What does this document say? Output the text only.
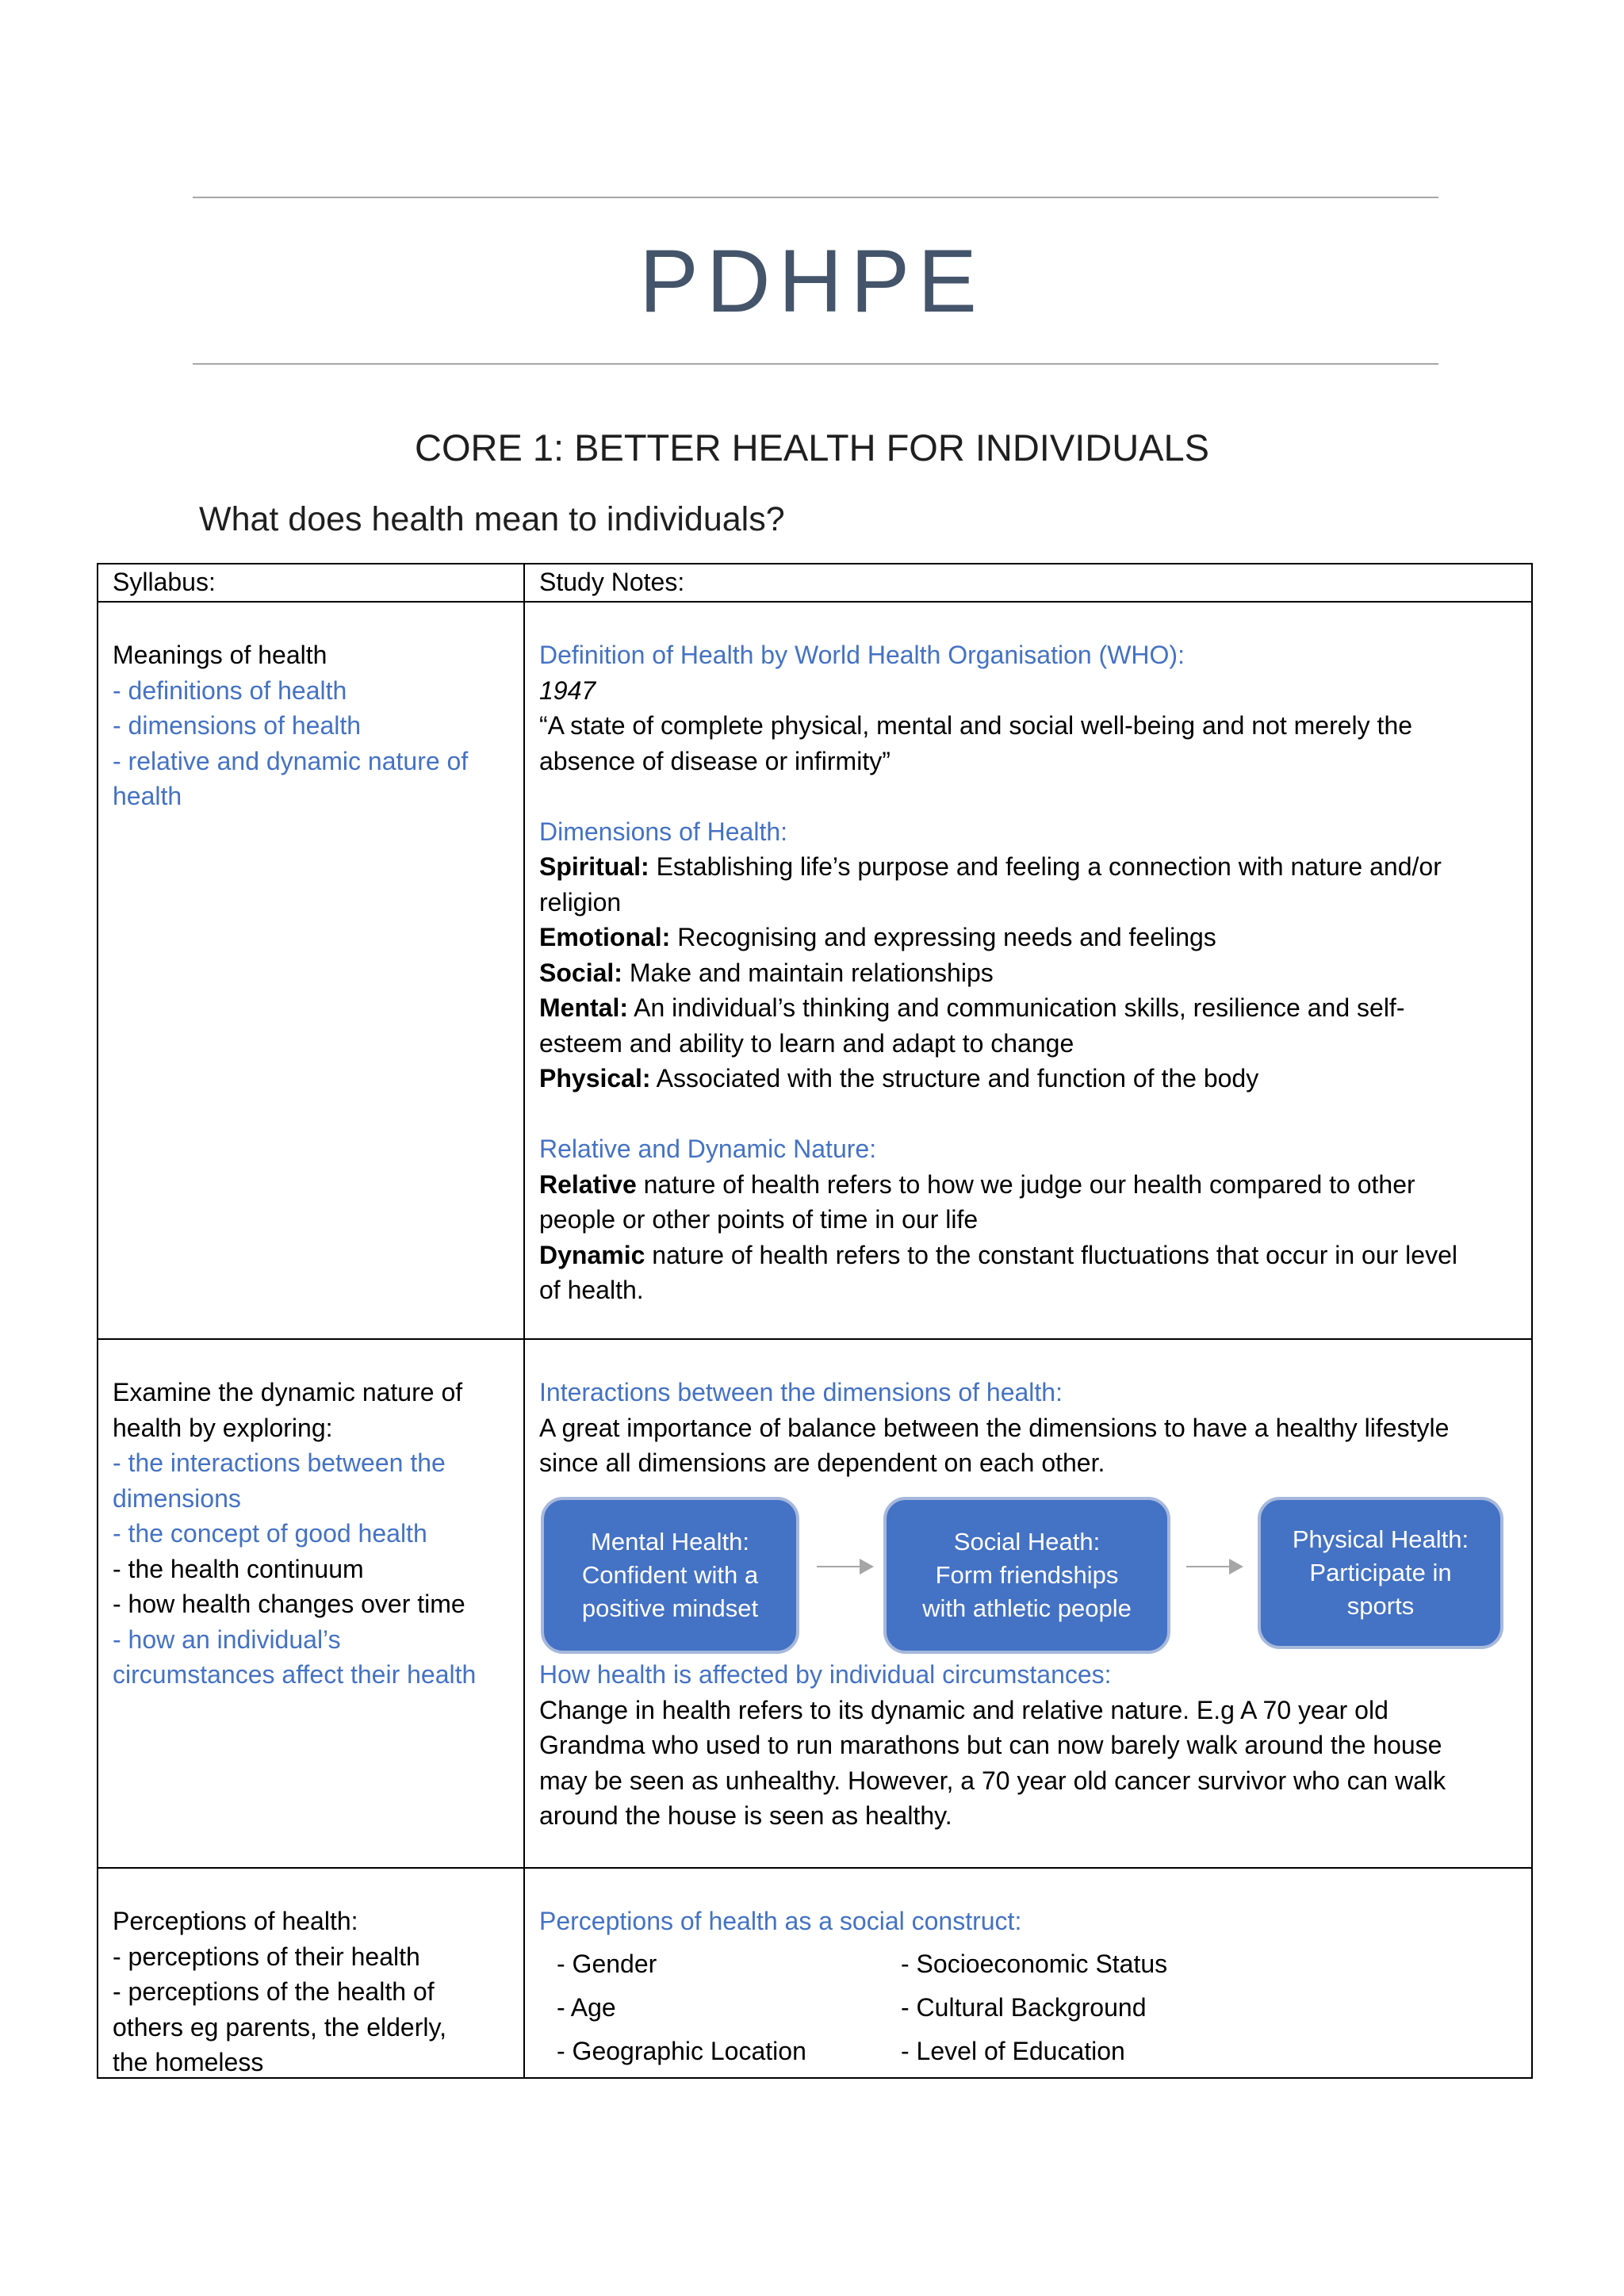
PDHPE
CORE 1: BETTER HEALTH FOR INDIVIDUALS
What does health mean to individuals?
Syllabus:	Study Notes:
Meanings of health
- definitions of health
- dimensions of health
- relative and dynamic nature of
health
Definition of Health by World Health Organisation (WHO):
1947
“A state of complete physical, mental and social well-being and not merely the
absence of disease or infirmity”

Dimensions of Health:
Spiritual: Establishing life’s purpose and feeling a connection with nature and/or
religion
Emotional: Recognising and expressing needs and feelings
Social: Make and maintain relationships
Mental: An individual’s thinking and communication skills, resilience and self-
esteem and ability to learn and adapt to change
Physical: Associated with the structure and function of the body

Relative and Dynamic Nature:
Relative nature of health refers to how we judge our health compared to other
people or other points of time in our life
Dynamic nature of health refers to the constant fluctuations that occur in our level
of health.
Examine the dynamic nature of
health by exploring:
- the interactions between the
dimensions
- the concept of good health
- the health continuum
- how health changes over time
- how an individual’s
circumstances affect their health
Interactions between the dimensions of health:
A great importance of balance between the dimensions to have a healthy lifestyle
since all dimensions are dependent on each other.
Mental Health:
Confident with a
positive mindset
Social Heath:
Form friendships
with athletic people
Physical Health:
Participate in
sports
How health is affected by individual circumstances:
Change in health refers to its dynamic and relative nature. E.g A 70 year old
Grandma who used to run marathons but can now barely walk around the house
may be seen as unhealthy. However, a 70 year old cancer survivor who can walk
around the house is seen as healthy.
Perceptions of health:
- perceptions of their health
- perceptions of the health of
others eg parents, the elderly,
the homeless
Perceptions of health as a social construct:
- Gender
- Age
- Geographic Location
- Socioeconomic Status
- Cultural Background
- Level of Education
